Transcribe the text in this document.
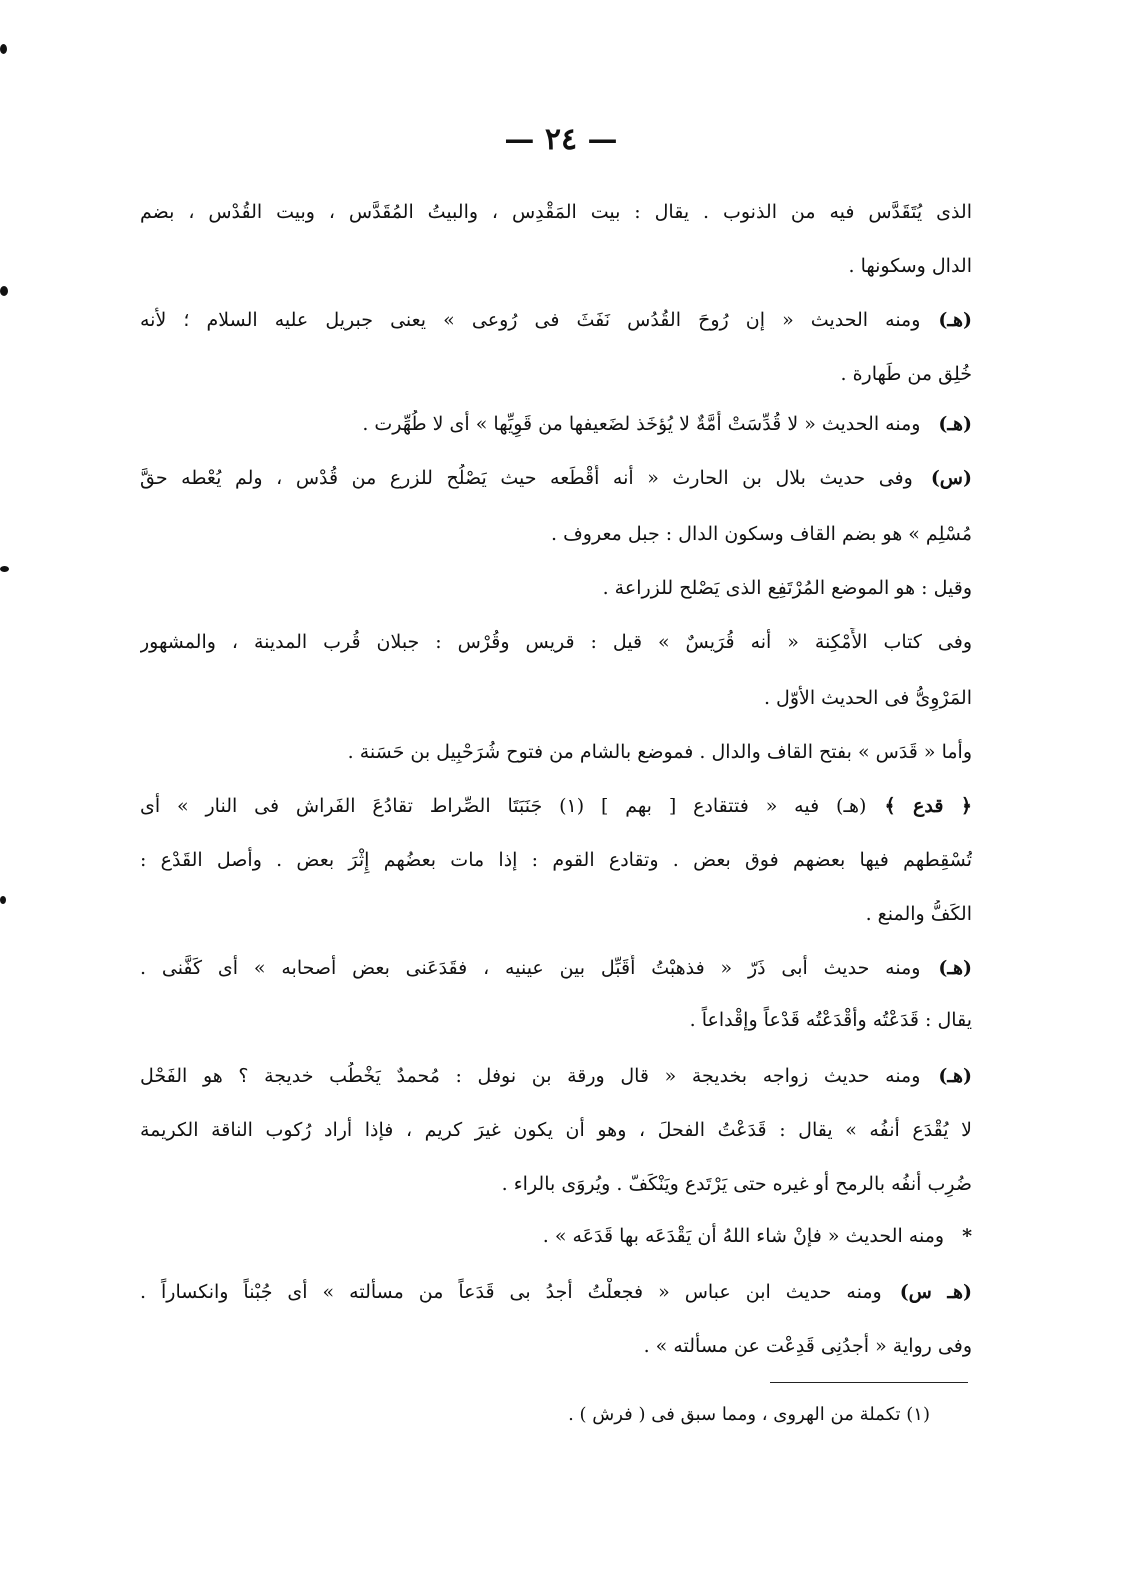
— ٢٤ —
الذى يُتَقَدَّس فيه من الذنوب . يقال : بيت المَقْدِس ، والبيتُ المُقَدَّس ، وبيت القُدْس ، بضم
الدال وسكونها .
(هـ)ومنه الحديث « إن رُوحَ القُدُس نَفَثَ فى رُوعى » يعنى جبريل عليه السلام ؛ لأنه
خُلِق من طَهارة .
(هـ)ومنه الحديث « لا قُدِّسَتْ أُمَّةٌ لا يُؤخَذ لضَعيفها من قَوِيِّها » أى لا طُهِّرت .
(س)وفى حديث بلال بن الحارث « أنه أَقْطَعه حيث يَصْلُح للزرع من قُدْس ، ولم يُعْطه حقَّ
مُسْلِم » هو بضم القاف وسكون الدال : جبل معروف .
وقيل : هو الموضع المُرْتَفِع الذى يَصْلح للزراعة .
وفى كتاب الأَمْكِنة « أنه قُرَيسٌ » قيل : قريس وقُرْس : جبلان قُرب المدينة ، والمشهور
المَرْوِىُّ فى الحديث الأوّل .
وأما « قَدَس » بفتح القاف والدال . فموضع بالشام من فتوح شُرَحْبِيل بن حَسَنة .
﴿ قدع ﴾(هـ) فيه « فتتقادع [ بهم ] (١) جَنَبَتَا الصِّراط تقادُعَ الفَراش فى النار » أى
تُسْقِطهم فيها بعضهم فوق بعض . وتقادع القوم : إذا مات بعضُهم إِثْرَ بعض . وأصل القَدْع :
الكَفُّ والمنع .
(هـ)ومنه حديث أبى ذَرّ « فذهبْتُ أُقَبِّل بين عينيه ، فقَدَعَنى بعض أصحابه » أى كَفَّنى .
يقال : قَدَعْتُه وأقْدَعْتُه قَدْعاً وإقْداعاً .
(هـ)ومنه حديث زواجه بخديجة « قال ورقة بن نوفل : مُحمدٌ يَخْطُب خديجة ؟ هو الفَحْل
لا يُقْدَع أنفُه » يقال : قَدَعْتُ الفحلَ ، وهو أن يكون غيرَ كريم ، فإذا أراد رُكوب الناقة الكريمة
ضُرِب أنفُه بالرمح أو غيره حتى يَرْتَدع ويَنْكَفّ . ويُروَى بالراء .
*ومنه الحديث « فإنْ شاء اللهُ أن يَقْدَعَه بها قَدَعَه » .
(هـ س)ومنه حديث ابن عباس « فجعلْتُ أجدُ بى قَدَعاً من مسألته » أى جُبْناً وانكساراً .
وفى رواية « أجدُنِى قَدِعْت عن مسألته » .
(١) تكملة من الهروى ، ومما سبق فى ( فرش ) .
